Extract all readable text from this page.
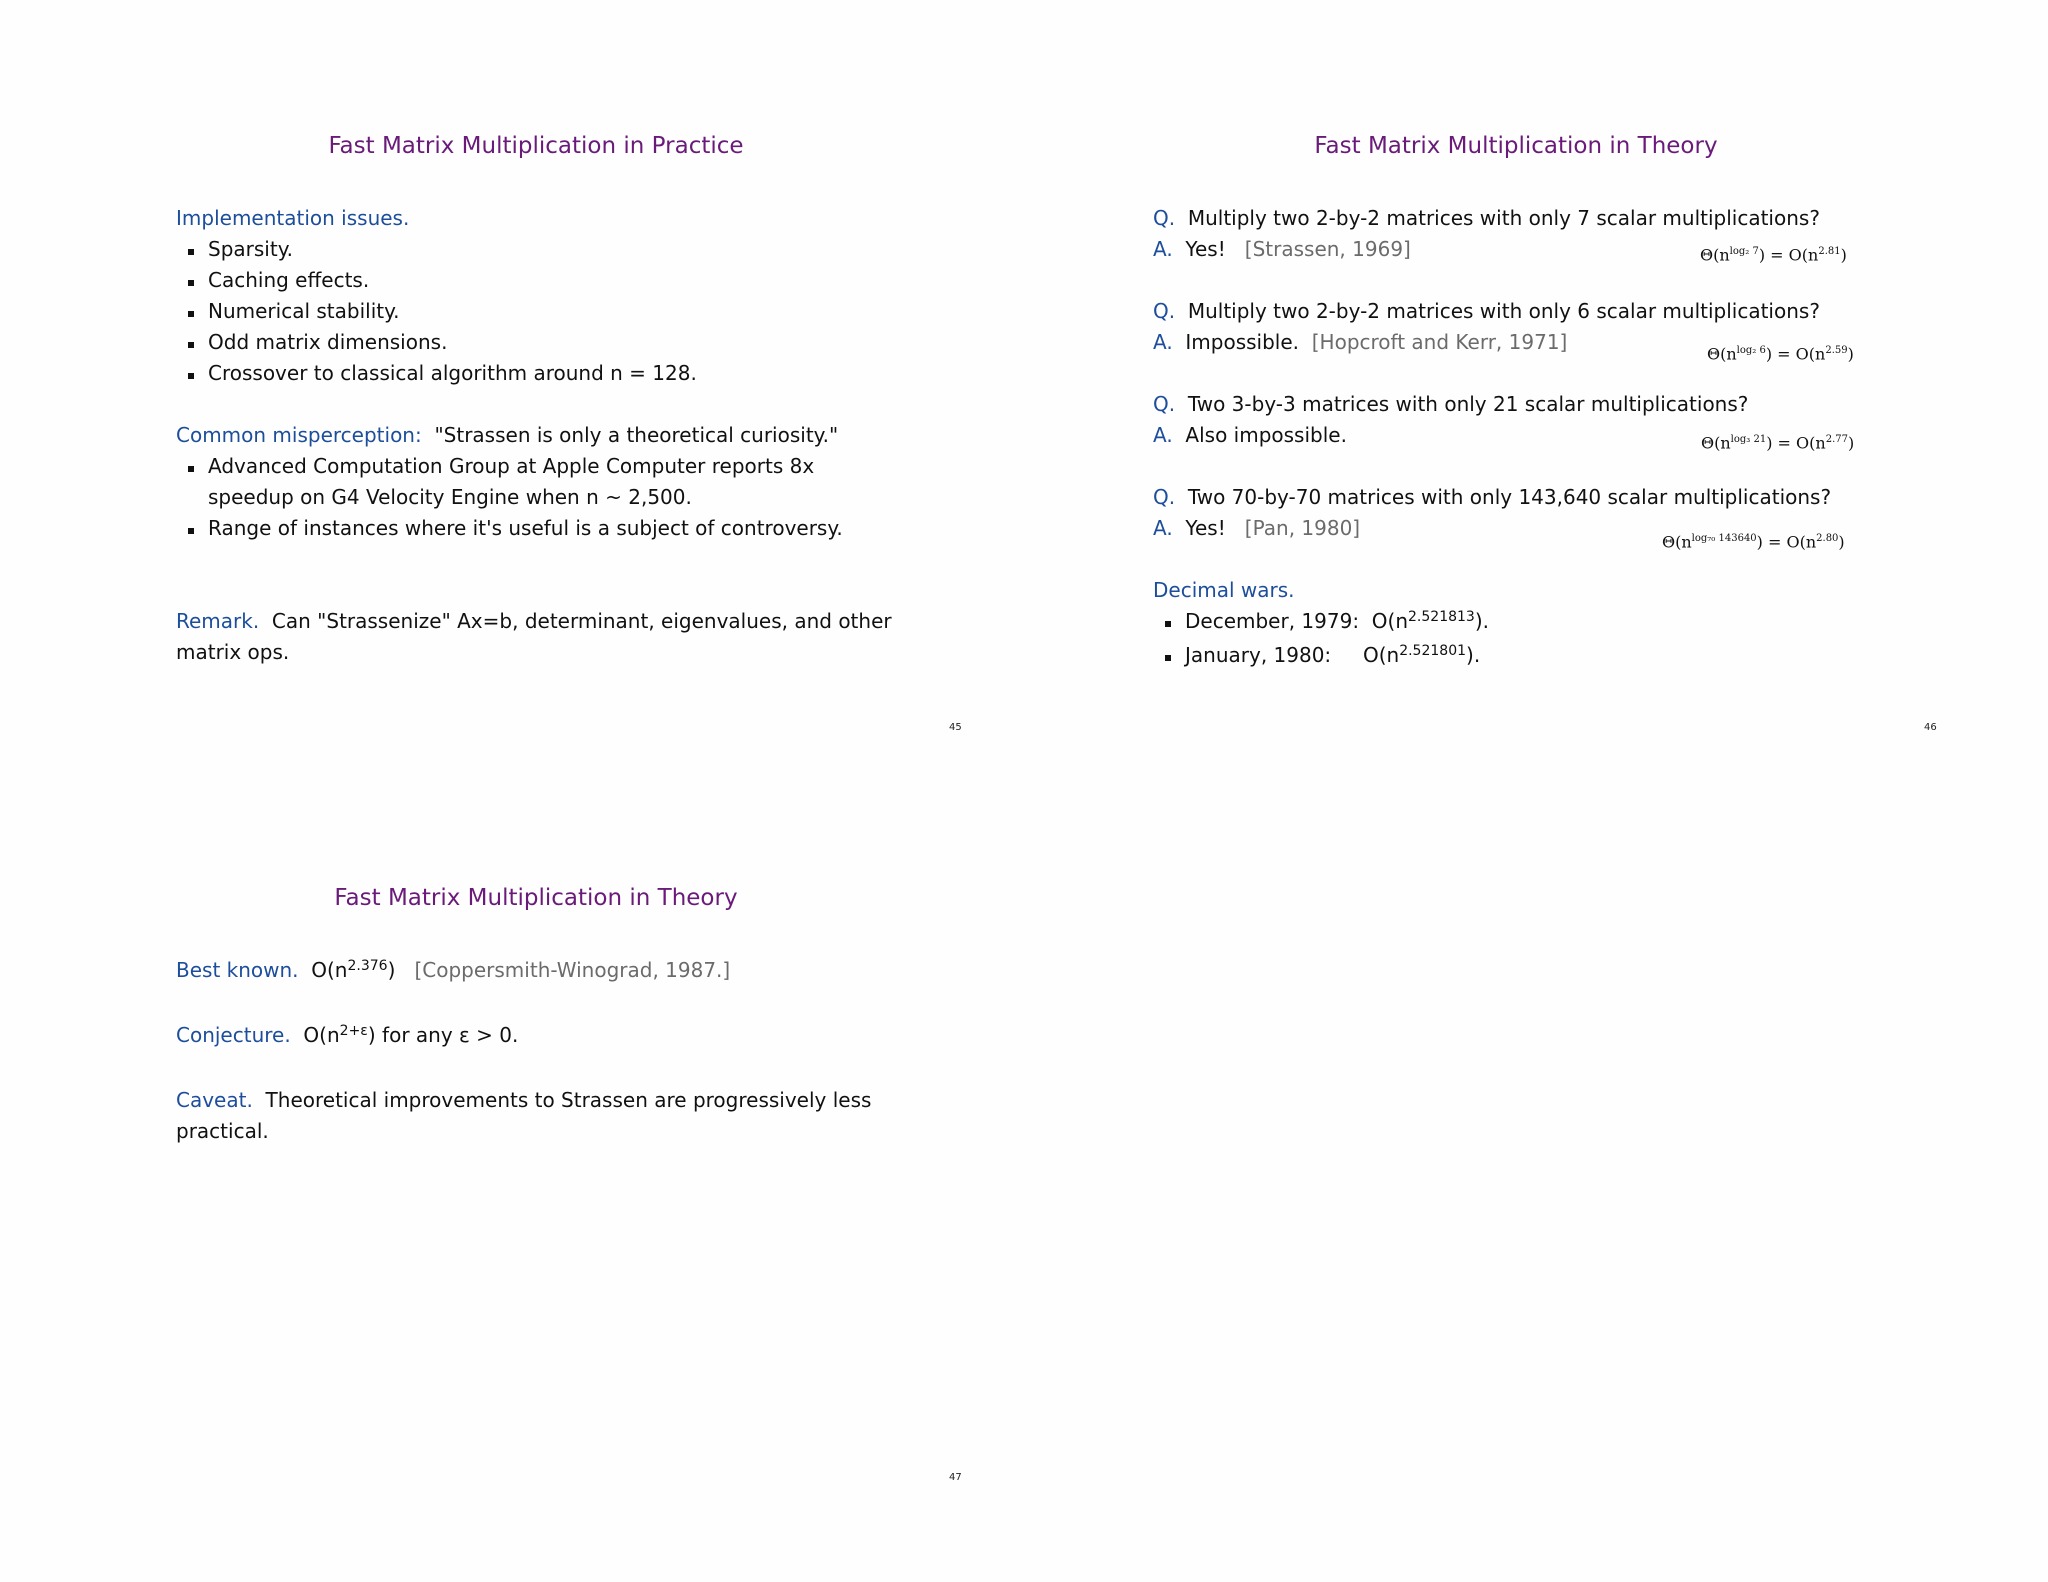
Fast Matrix Multiplication in Practice
Implementation issues.
Sparsity.
Caching effects.
Numerical stability.
Odd matrix dimensions.
Crossover to classical algorithm around n = 128.
Common misperception: "Strassen is only a theoretical curiosity."
Advanced Computation Group at Apple Computer reports 8x
speedup on G4 Velocity Engine when n ~ 2,500.
Range of instances where it's useful is a subject of controversy.
Remark. Can "Strassenize" Ax=b, determinant, eigenvalues, and other
matrix ops.
45
Fast Matrix Multiplication in Theory
Q. Multiply two 2-by-2 matrices with only 7 scalar multiplications?
A. Yes! [Strassen, 1969]	$\Theta(n^{log_2 7}) = O(n^{2.81})$
Q. Multiply two 2-by-2 matrices with only 6 scalar multiplications?
A. Impossible. [Hopcroft and Kerr, 1971]	$\Theta(n^{log_2 6}) = O(n^{2.59})$
Q. Two 3-by-3 matrices with only 21 scalar multiplications?
A. Also impossible.	$\Theta(n^{log_3 21}) = O(n^{2.77})$
Q. Two 70-by-70 matrices with only 143,640 scalar multiplications?
A. Yes! [Pan, 1980]
$\Theta(n^{log_{70} 143640}) = O(n^{2.80})$
Decimal wars.
December, 1979: $O(n^{2.521813})$.
January, 1980: $O(n^{2.521801})$.
46
Fast Matrix Multiplication in Theory
Best known. $O(n^{2.376})$ [Coppersmith-Winograd, 1987.]
Conjecture. $O(n^{2+\varepsilon})$ for any ε > 0.
Caveat. Theoretical improvements to Strassen are progressively less
practical.
47
